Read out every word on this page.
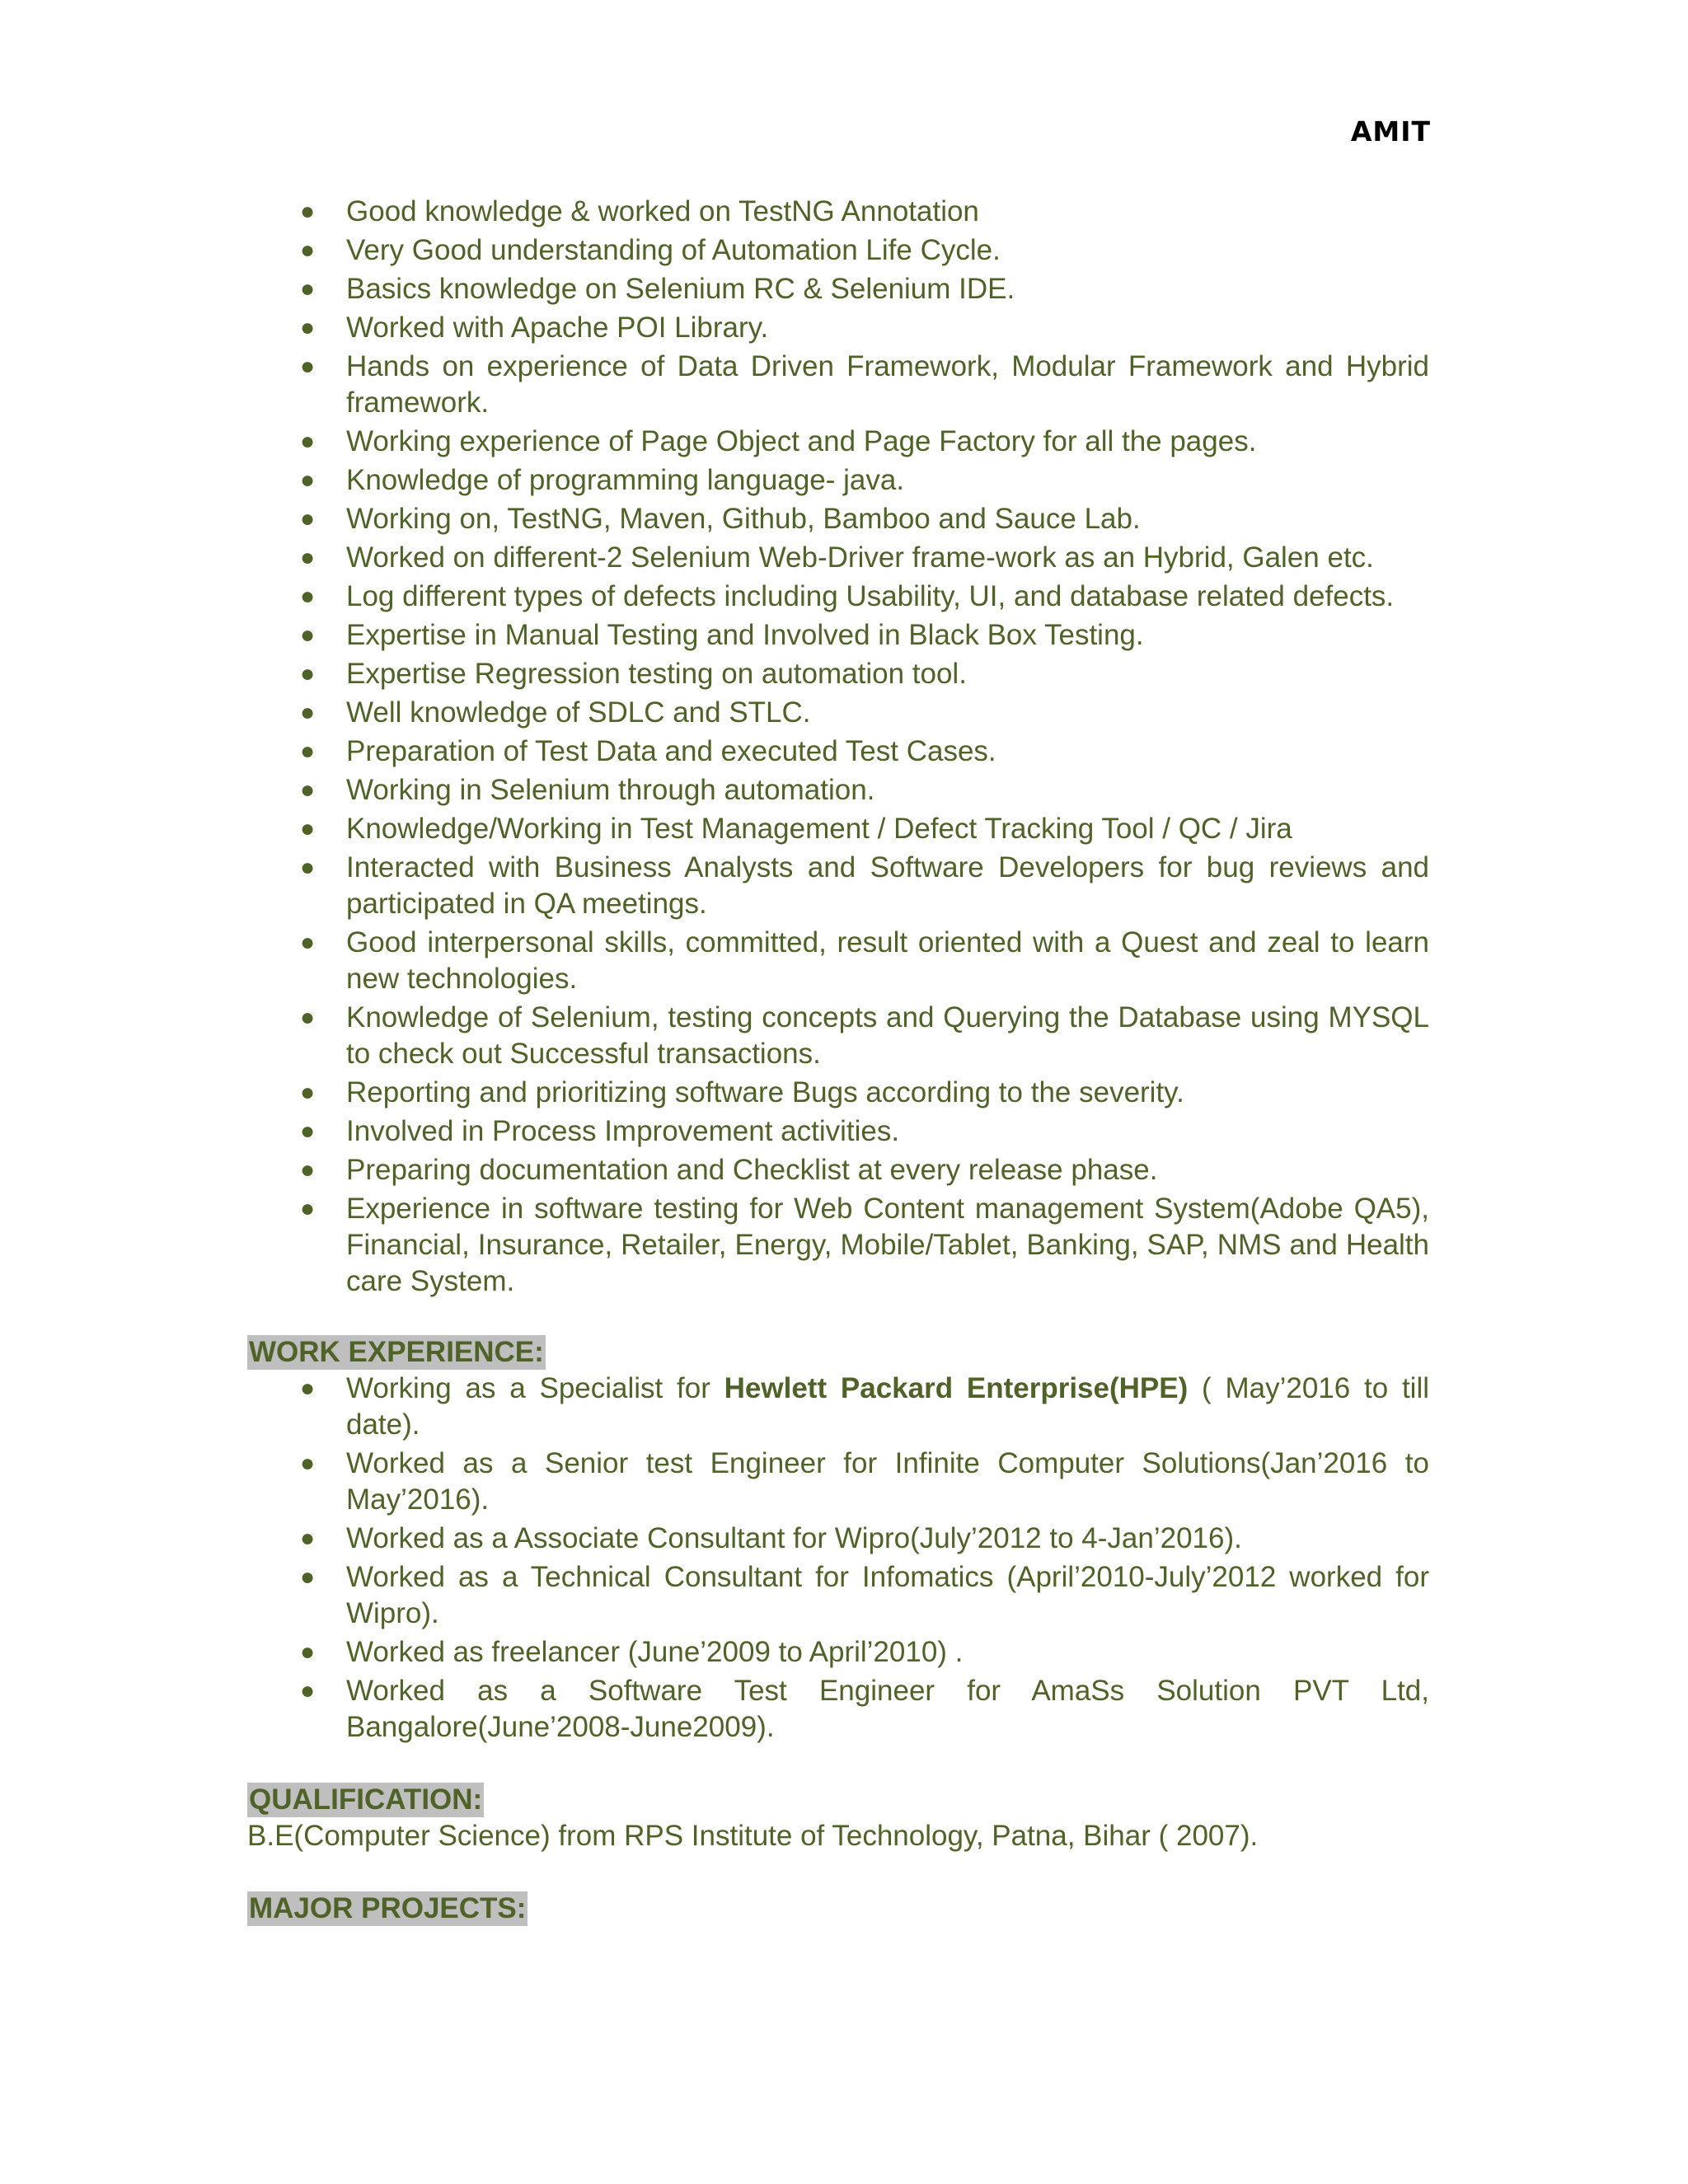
AMIT
● Good knowledge & worked on TestNG Annotation
● Very Good understanding of Automation Life Cycle.
● Basics knowledge on Selenium RC & Selenium IDE.
● Worked with Apache POI Library.
● Hands on experience of Data Driven Framework, Modular Framework and Hybrid framework.
● Working experience of Page Object and Page Factory for all the pages.
● Knowledge of programming language- java.
● Working on, TestNG, Maven, Github, Bamboo and Sauce Lab.
● Worked on different-2 Selenium Web-Driver frame-work as an Hybrid, Galen etc.
● Log different types of defects including Usability, UI, and database related defects.
● Expertise in Manual Testing and Involved in Black Box Testing.
● Expertise Regression testing on automation tool.
● Well knowledge of SDLC and STLC.
● Preparation of Test Data and executed Test Cases.
● Working in Selenium through automation.
● Knowledge/Working in Test Management / Defect Tracking Tool / QC / Jira
● Interacted with Business Analysts and Software Developers for bug reviews and participated in QA meetings.
● Good interpersonal skills, committed, result oriented with a Quest and zeal to learn new technologies.
● Knowledge of Selenium, testing concepts and Querying the Database using MYSQL to check out Successful transactions.
● Reporting and prioritizing software Bugs according to the severity.
● Involved in Process Improvement activities.
● Preparing documentation and Checklist at every release phase.
● Experience in software testing for Web Content management System(Adobe QA5), Financial, Insurance, Retailer, Energy, Mobile/Tablet, Banking, SAP, NMS and Health care System.
WORK EXPERIENCE:
● Working as a Specialist for Hewlett Packard Enterprise(HPE) ( May’2016 to till date).
● Worked as a Senior test Engineer for Infinite Computer Solutions(Jan’2016 to May’2016).
● Worked as a Associate Consultant for Wipro(July’2012 to 4-Jan’2016).
● Worked as a Technical Consultant for Infomatics (April’2010-July’2012 worked for Wipro).
● Worked as freelancer (June’2009 to April’2010) .
● Worked as a Software Test Engineer for AmaSs Solution PVT Ltd, Bangalore(June’2008-June2009).
QUALIFICATION:

B.E(Computer Science) from RPS Institute of Technology, Patna, Bihar ( 2007).

MAJOR PROJECTS:
